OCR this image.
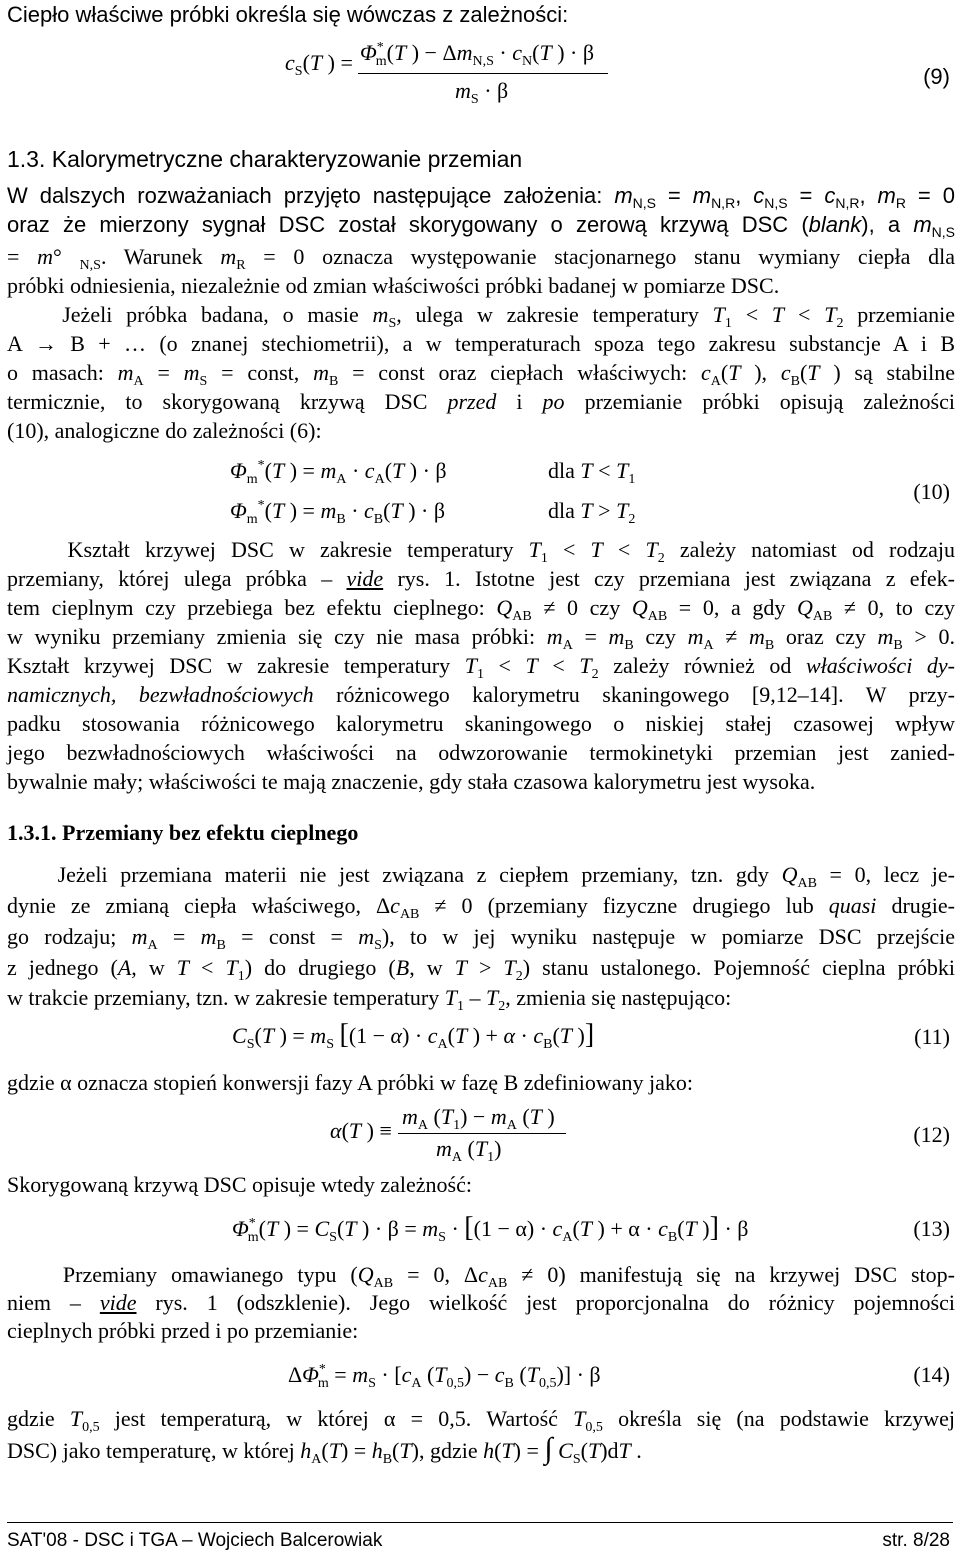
Ciepło właściwe próbki określa się wówczas z zależności:
$c_S(T$ ) = $\Phi^*_m(T$ ) − $\Delta m_{N,S} \cdot c_N(T$ ) · β
$m_S \cdot \beta$
(9)
1.3. Kalorymetryczne charakteryzowanie przemian
W dalszych rozważaniach przyjęto następujące założenia: $m_{N,S} = m_{N,R}$, $c_{N,S} = c_{N,R}$, $m_R = 0$
oraz że mierzony sygnał DSC został skorygowany o zerową krzywą DSC (blank), a $m_{N,S}$
= m° $_{N,S}$. Warunek $m_R = 0$ oznacza występowanie stacjonarnego stanu wymiany ciepła dla
próbki odniesienia, niezależnie od zmian właściwości próbki badanej w pomiarze DSC.
Jeżeli próbka badana, o masie $m_S$, ulega w zakresie temperatury $T_1 < T < T_2$ przemianie
A → B + … (o znanej stechiometrii), a w temperaturach spoza tego zakresu substancje A i B
o masach: $m_A = m_S$ = const, $m_B$ = const oraz ciepłach właściwych: $c_A(T$ ), $c_B(T$ ) są stabilne
termicznie, to skorygowaną krzywą DSC przed i po przemianie próbki opisują zależności
(10), analogiczne do zależności (6):
$\Phi_m^*(T$ ) = $m_A \cdot c_A(T$ ) · β	dla $T < T_1$
$\Phi_m^*(T$ ) = $m_B \cdot c_B(T$ ) · β	dla $T > T_2$
(10)
Kształt krzywej DSC w zakresie temperatury $T_1 < T < T_2$ zależy natomiast od rodzaju
przemiany, której ulega próbka – vide rys. 1. Istotne jest czy przemiana jest związana z efek-
tem cieplnym czy przebiega bez efektu cieplnego: $Q_{AB} \ne 0$ czy $Q_{AB} = 0$, a gdy $Q_{AB} \ne 0$, to czy
w wyniku przemiany zmienia się czy nie masa próbki: $m_A = m_B$ czy $m_A \ne m_B$ oraz czy $m_B > 0$.
Kształt krzywej DSC w zakresie temperatury $T_1 < T < T_2$ zależy również od właściwości dy-
namicznych, bezwładnościowych różnicowego kalorymetru skaningowego [9,12–14]. W przy-
padku stosowania różnicowego kalorymetru skaningowego o niskiej stałej czasowej wpływ
jego bezwładnościowych właściwości na odwzorowanie termokinetyki przemian jest zanied-
bywalnie mały; właściwości te mają znaczenie, gdy stała czasowa kalorymetru jest wysoka.
1.3.1. Przemiany bez efektu cieplnego
Jeżeli przemiana materii nie jest związana z ciepłem przemiany, tzn. gdy $Q_{AB} = 0$, lecz je-
dynie ze zmianą ciepła właściwego, $\Delta c_{AB} \ne 0$ (przemiany fizyczne drugiego lub quasi drugie-
go rodzaju; $m_A = m_B$ = const = $m_S$), to w jej wyniku następuje w pomiarze DSC przejście
z jednego (A, w $T < T_1$) do drugiego (B, w $T > T_2$) stanu ustalonego. Pojemność cieplna próbki
w trakcie przemiany, tzn. w zakresie temperatury $T_1 - T_2$, zmienia się następująco:
$C_S(T$ ) = $m_S$ [$(1 - \alpha) \cdot c_A(T$ ) + $\alpha \cdot c_B(T$ )]	(11)
gdzie α oznacza stopień konwersji fazy A próbki w fazę B zdefiniowany jako:
α(T ) ≡
$m_A$ $(T_1) - m_A$ (T )
$m_A$ $(T_1)$
(12)
Skorygowaną krzywą DSC opisuje wtedy zależność:
$\Phi^*_m(T$ ) = $C_S(T$ ) · $\beta = m_S \cdot [(1 - \alpha) \cdot c_A(T$ ) + $\alpha \cdot c_B(T$ )] · β	(13)
Przemiany omawianego typu ($Q_{AB} = 0$, $\Delta c_{AB} \ne 0$) manifestują się na krzywej DSC stop-
niem – vide rys. 1 (odszklenie). Jego wielkość jest proporcjonalna do różnicy pojemności
cieplnych próbki przed i po przemianie:
$\Delta\Phi^*_m = m_S \cdot [c_A$ $(T_{0,5}) - c_B$ $(T_{0,5})] \cdot \beta$	(14)
gdzie $T_{0,5}$ jest temperaturą, w której α = 0,5. Wartość $T_{0,5}$ określa się (na podstawie krzywej
DSC) jako temperaturę, w której $h_A(T) = h_B(T)$, gdzie h(T) = ∫ $C_S(T)dT$ .
SAT'08 - DSC i TGA – Wojciech Balcerowiak	str. 8/28
